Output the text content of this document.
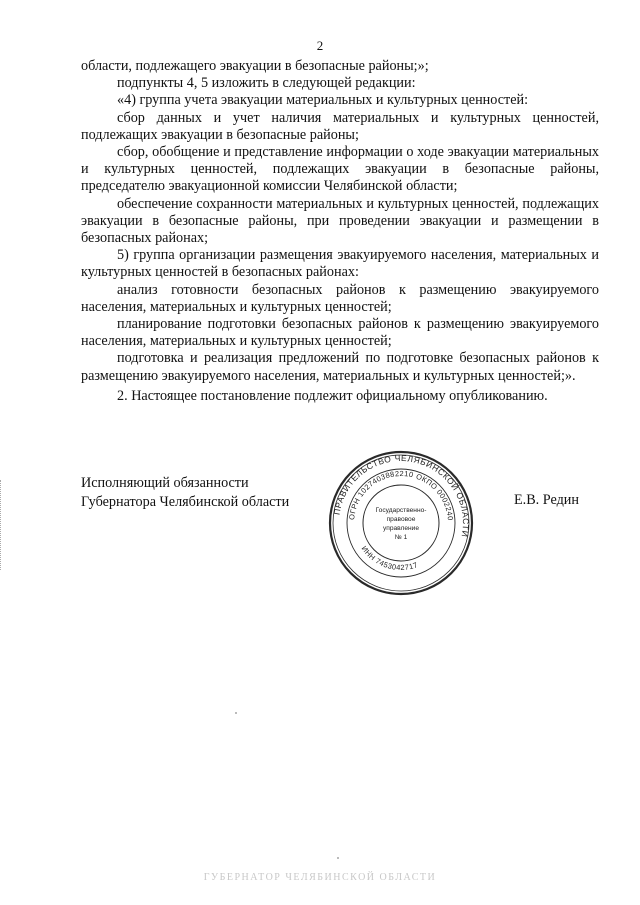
2

области, подлежащего эвакуации в безопасные районы;»;

подпункты 4, 5 изложить в следующей редакции:

«4) группа учета эвакуации материальных и культурных ценностей:

сбор данных и учет наличия материальных и культурных ценностей, подлежащих эвакуации в безопасные районы;

сбор, обобщение и представление информации о ходе эвакуации материальных и культурных ценностей, подлежащих эвакуации в безопасные районы, председателю эвакуационной комиссии Челябинской области;

обеспечение сохранности материальных и культурных ценностей, подлежащих эвакуации в безопасные районы, при проведении эвакуации и размещении в безопасных районах;

5) группа организации размещения эвакуируемого населения, материальных и культурных ценностей в безопасных районах:

анализ готовности безопасных районов к размещению эвакуируемого населения, материальных и культурных ценностей;

планирование подготовки безопасных районов к размещению эвакуируемого населения, материальных и культурных ценностей;

подготовка и реализация предложений по подготовке безопасных районов к размещению эвакуируемого населения, материальных и культурных ценностей;».

2. Настоящее постановление подлежит официальному опубликованию.

Исполняющий обязанности
Губернатора Челябинской области
ПРАВИТЕЛЬСТВО ЧЕЛЯБИНСКОЙ ОБЛАСТИ
ОГРН 1027403882210 ОКПО 0002240
ИНН 7453042717
Государственно-
правовое
управление
№ 1
Е.В. Редин
ГУБЕРНАТОР ЧЕЛЯБИНСКОЙ ОБЛАСТИ
